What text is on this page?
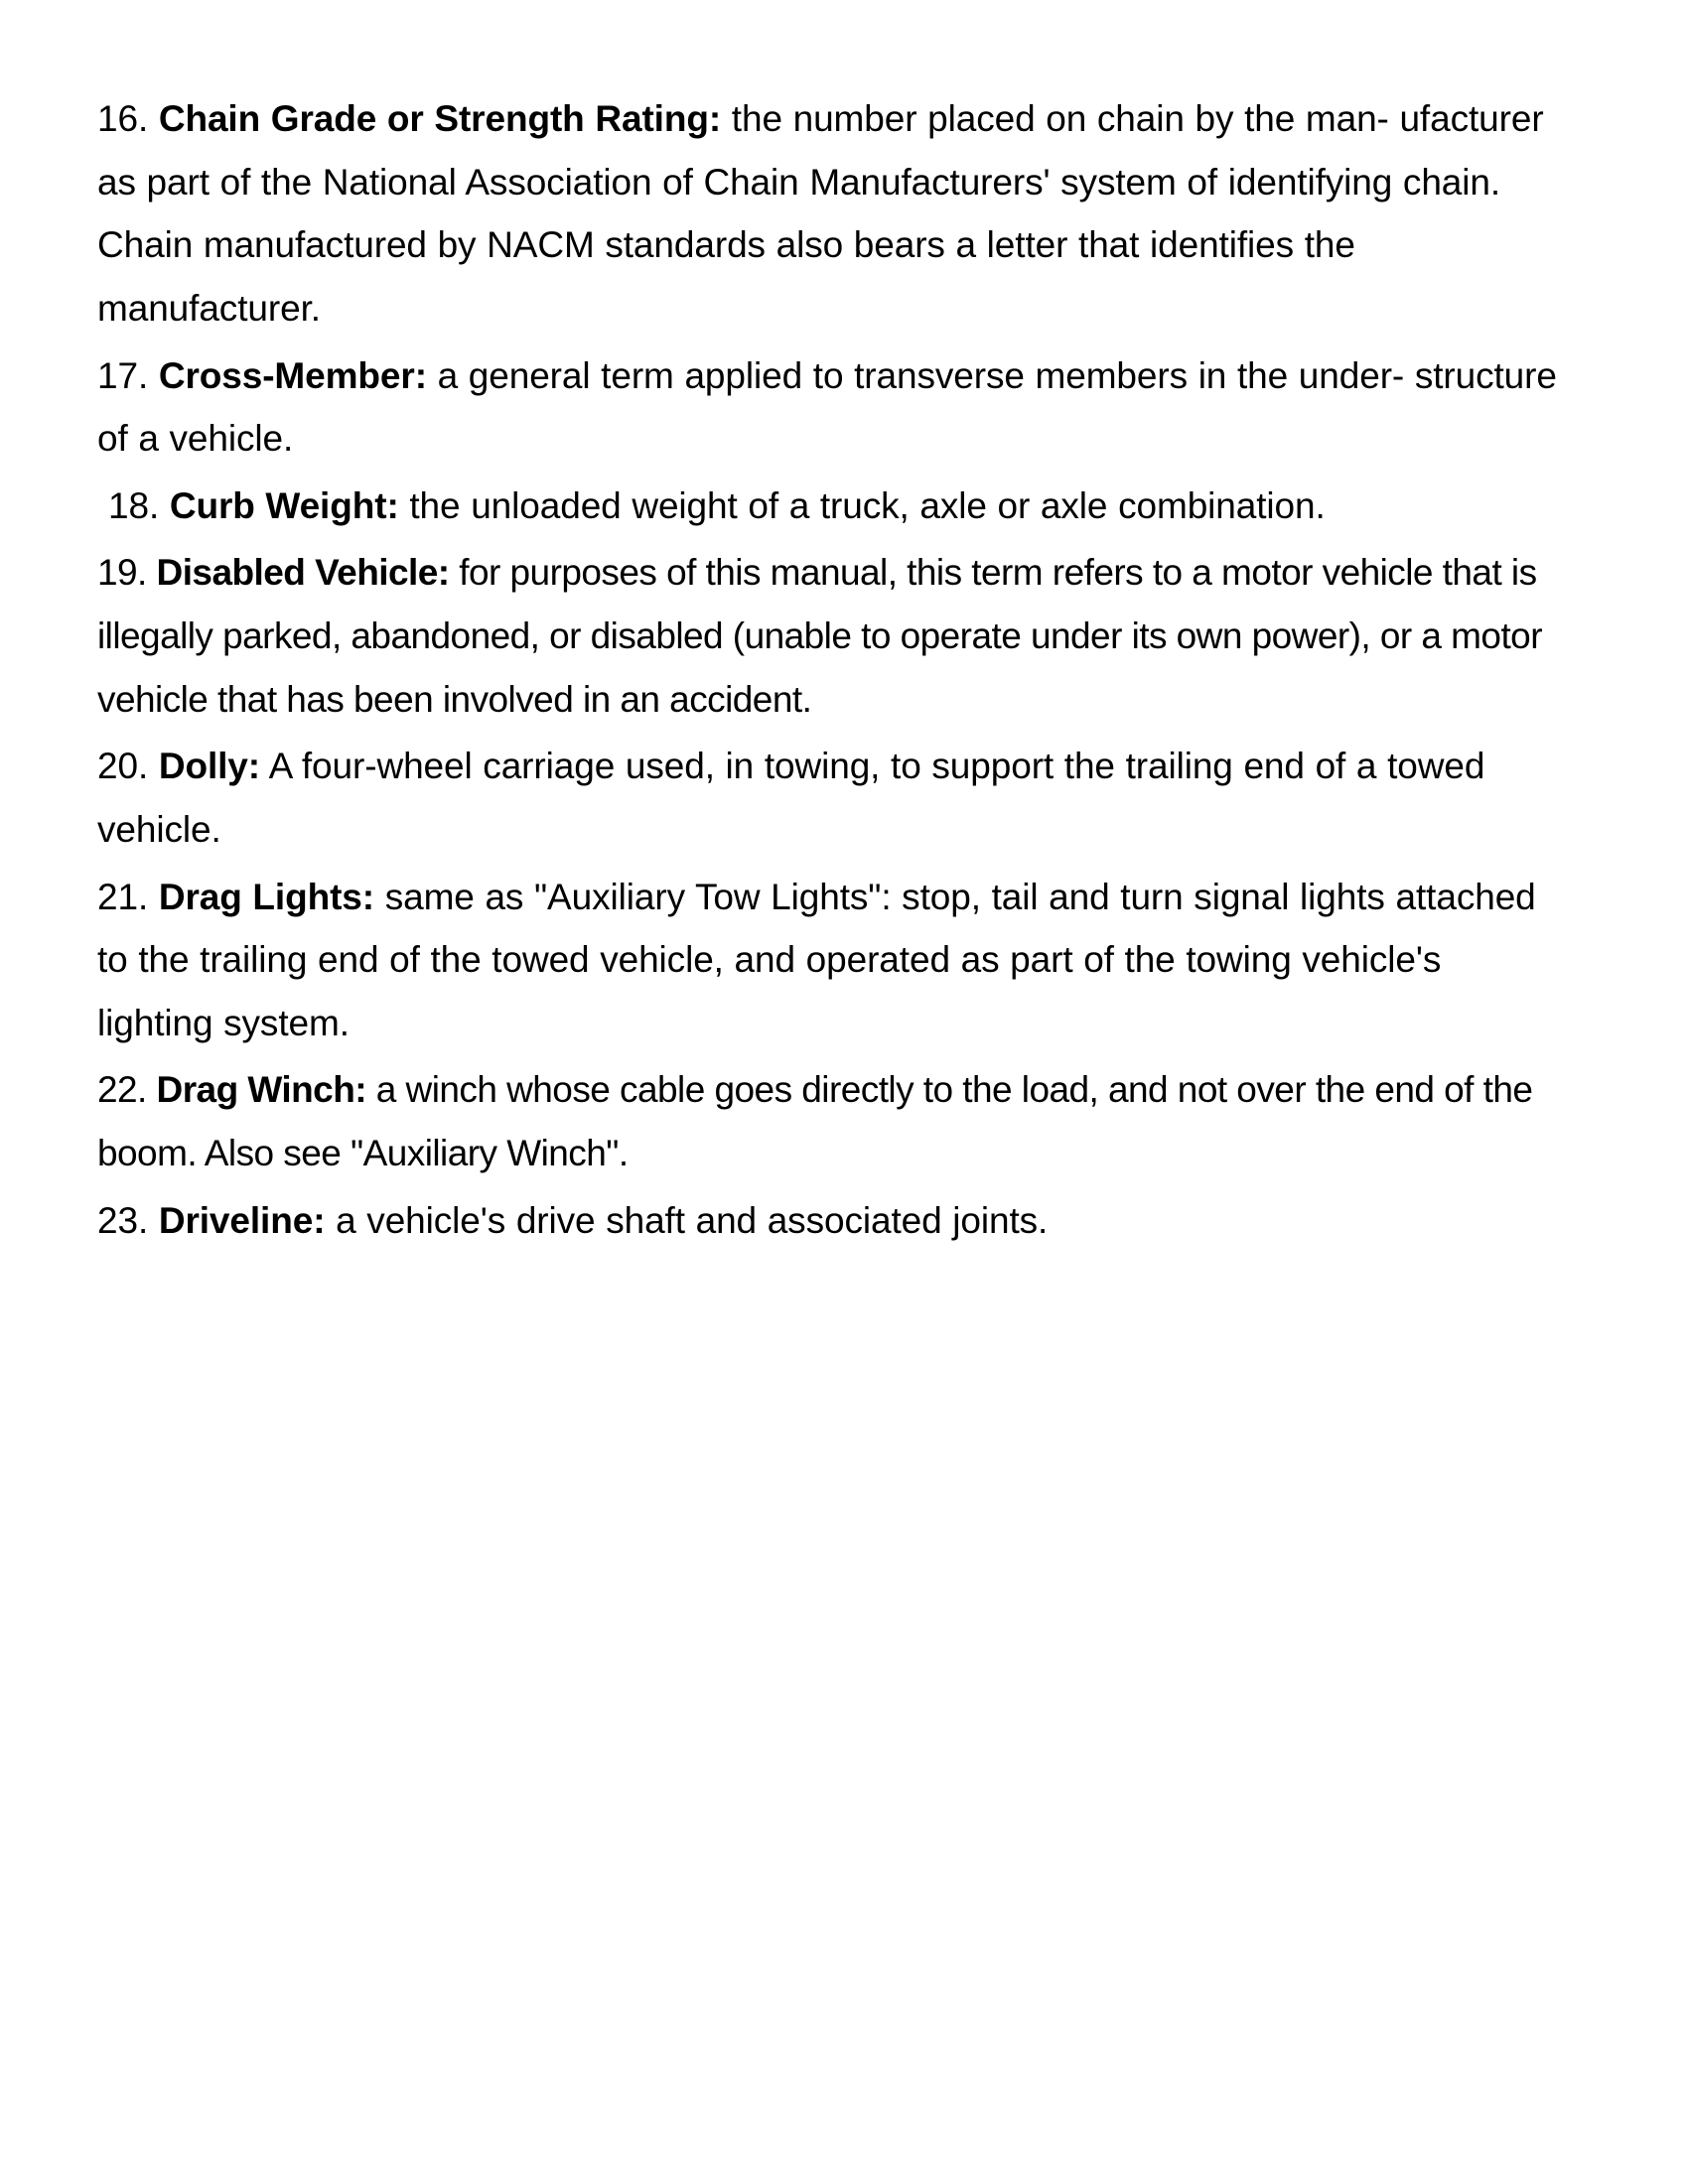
16. Chain Grade or Strength Rating: the number placed on chain by the man- ufacturer as part of the National Association of Chain Manufacturers' system of identifying chain. Chain manufactured by NACM standards also bears a letter that identifies the manufacturer.

17. Cross-Member: a general term applied to transverse members in the under- structure of a vehicle.

18. Curb Weight: the unloaded weight of a truck, axle or axle combination.

19. Disabled Vehicle: for purposes of this manual, this term refers to a motor vehicle that is illegally parked, abandoned, or disabled (unable to operate under its own power), or a motor vehicle that has been involved in an accident.

20. Dolly: A four-wheel carriage used, in towing, to support the trailing end of a towed vehicle.

21. Drag Lights: same as "Auxiliary Tow Lights": stop, tail and turn signal lights attached to the trailing end of the towed vehicle, and operated as part of the towing vehicle's lighting system.

22. Drag Winch: a winch whose cable goes directly to the load, and not over the end of the boom. Also see "Auxiliary Winch".

23. Driveline: a vehicle's drive shaft and associated joints.
